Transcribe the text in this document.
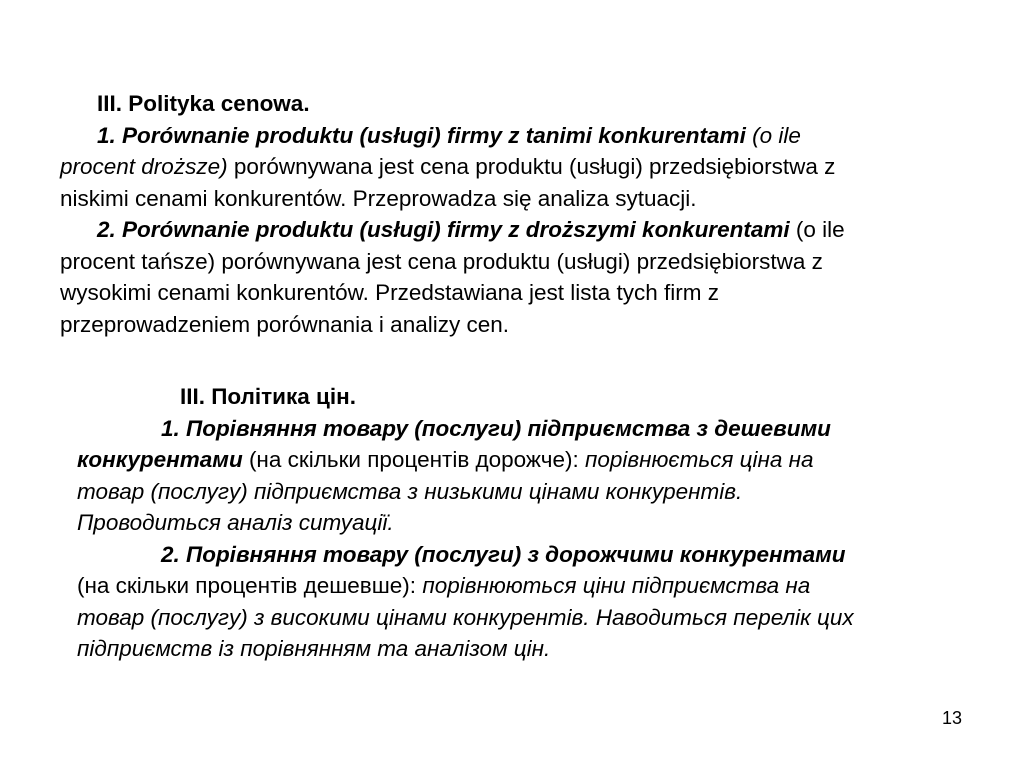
III. Polityka cenowa.
1. Porównanie produktu (usługi) firmy z tanimi konkurentami (o ile
procent droższe) porównywana jest cena produktu (usługi) przedsiębiorstwa z
niskimi cenami konkurentów. Przeprowadza się analiza sytuacji.
2. Porównanie produktu (usługi) firmy z droższymi konkurentami (o ile
procent tańsze) porównywana jest cena produktu (usługi) przedsiębiorstwa z
wysokimi cenami konkurentów. Przedstawiana jest lista tych firm z
przeprowadzeniem porównania i analizy cen.
ІІІ. Політика цін.
1. Порівняння товару (послуги) підприємства з дешевими
конкурентами (на скільки процентів дорожче): порівнюється ціна на
товар (послугу) підприємства з низькими цінами конкурентів.
Проводиться аналіз ситуації.
2. Порівняння товару (послуги) з дорожчими конкурентами
(на скільки процентів дешевше): порівнюються ціни підприємства на
товар (послугу) з високими цінами конкурентів. Наводиться перелік цих
підприємств із порівнянням та аналізом цін.
13
